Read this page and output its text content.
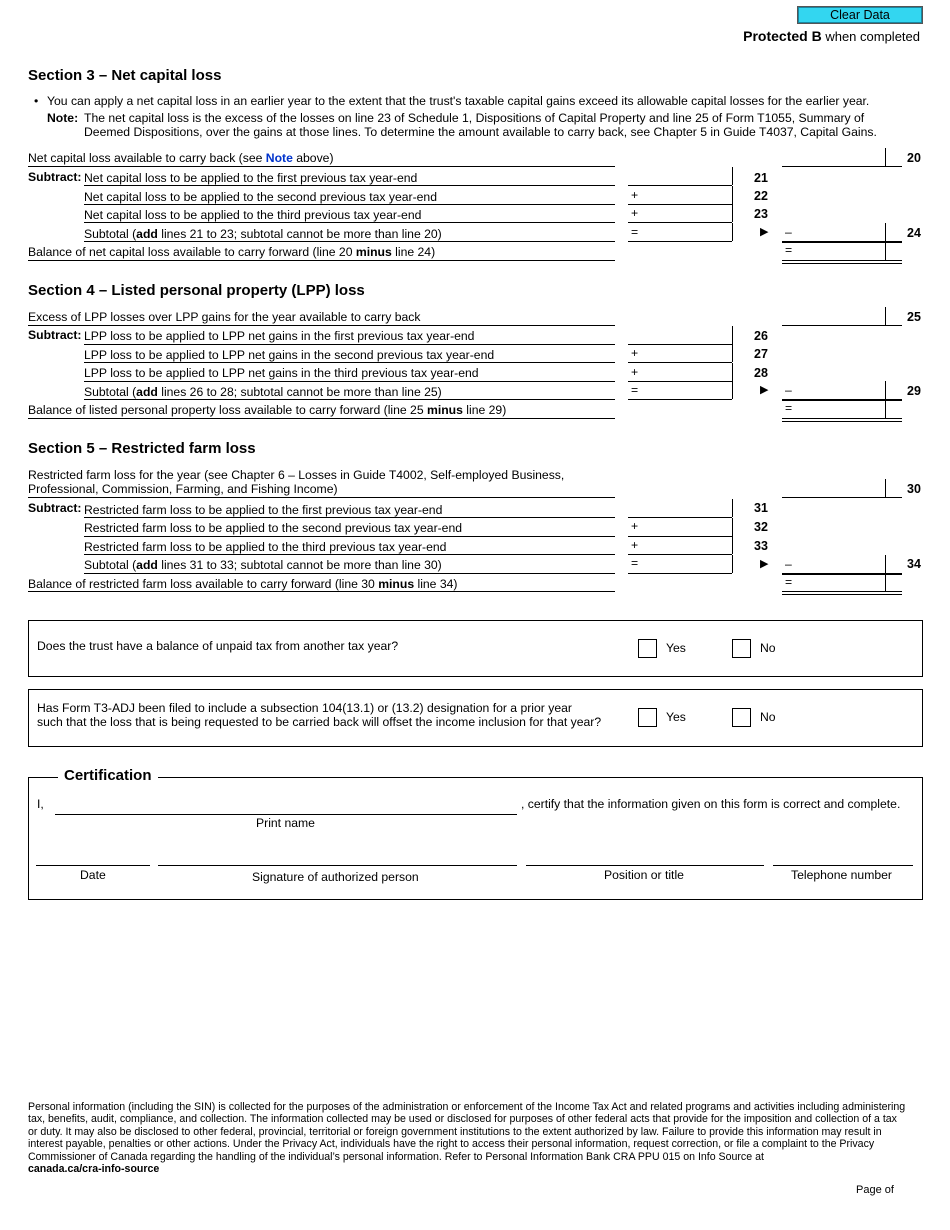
Clear Data
Protected B when completed
Section 3 – Net capital loss
• You can apply a net capital loss in an earlier year to the extent that the trust's taxable capital gains exceed its allowable capital losses for the earlier year.
Note: The net capital loss is the excess of the losses on line 23 of Schedule 1, Dispositions of Capital Property and line 25 of Form T1055, Summary of
Deemed Dispositions, over the gains at those lines. To determine the amount available to carry back, see Chapter 5 in Guide T4037, Capital Gains.
Net capital loss available to carry back (see Note above)	20
Subtract: Net capital loss to be applied to the first previous tax year-end	21
Net capital loss to be applied to the second previous tax year-end	+	22
Net capital loss to be applied to the third previous tax year-end	+	23
Subtotal (add lines 21 to 23; subtotal cannot be more than line 20)	=	▶ –	24
Balance of net capital loss available to carry forward (line 20 minus line 24)	=
Section 4 – Listed personal property (LPP) loss
Excess of LPP losses over LPP gains for the year available to carry back	25
Subtract: LPP loss to be applied to LPP net gains in the first previous tax year-end	26
LPP loss to be applied to LPP net gains in the second previous tax year-end	+	27
LPP loss to be applied to LPP net gains in the third previous tax year-end	+	28
Subtotal (add lines 26 to 28; subtotal cannot be more than line 25)	=	▶ –	29
Balance of listed personal property loss available to carry forward (line 25 minus line 29)	=
Section 5 – Restricted farm loss
Restricted farm loss for the year (see Chapter 6 – Losses in Guide T4002, Self-employed Business,
Professional, Commission, Farming, and Fishing Income)	30
Subtract: Restricted farm loss to be applied to the first previous tax year-end	31
Restricted farm loss to be applied to the second previous tax year-end	+	32
Restricted farm loss to be applied to the third previous tax year-end	+	33
Subtotal (add lines 31 to 33; subtotal cannot be more than line 30)	=	▶ –	34
Balance of restricted farm loss available to carry forward (line 30 minus line 34)	=
Does the trust have a balance of unpaid tax from another tax year?	Yes	No
Has Form T3-ADJ been filed to include a subsection 104(13.1) or (13.2) designation for a prior year
such that the loss that is being requested to be carried back will offset the income inclusion for that year?	Yes	No
Certification
I,	, certify that the information given on this form is correct and complete.
Print name
Date	Signature of authorized person	Position or title	Telephone number
Personal information (including the SIN) is collected for the purposes of the administration or enforcement of the Income Tax Act and related programs and activities including administering tax, benefits, audit, compliance, and collection. The information collected may be used or disclosed for purposes of other federal acts that provide for the imposition and collection of a tax or duty. It may also be disclosed to other federal, provincial, territorial or foreign government institutions to the extent authorized by law. Failure to provide this information may result in interest payable, penalties or other actions. Under the Privacy Act, individuals have the right to access their personal information, request correction, or file a complaint to the Privacy Commissioner of Canada regarding the handling of the individual’s personal information. Refer to Personal Information Bank CRA PPU 015 on Info Source at
canada.ca/cra-info-source
Page of
